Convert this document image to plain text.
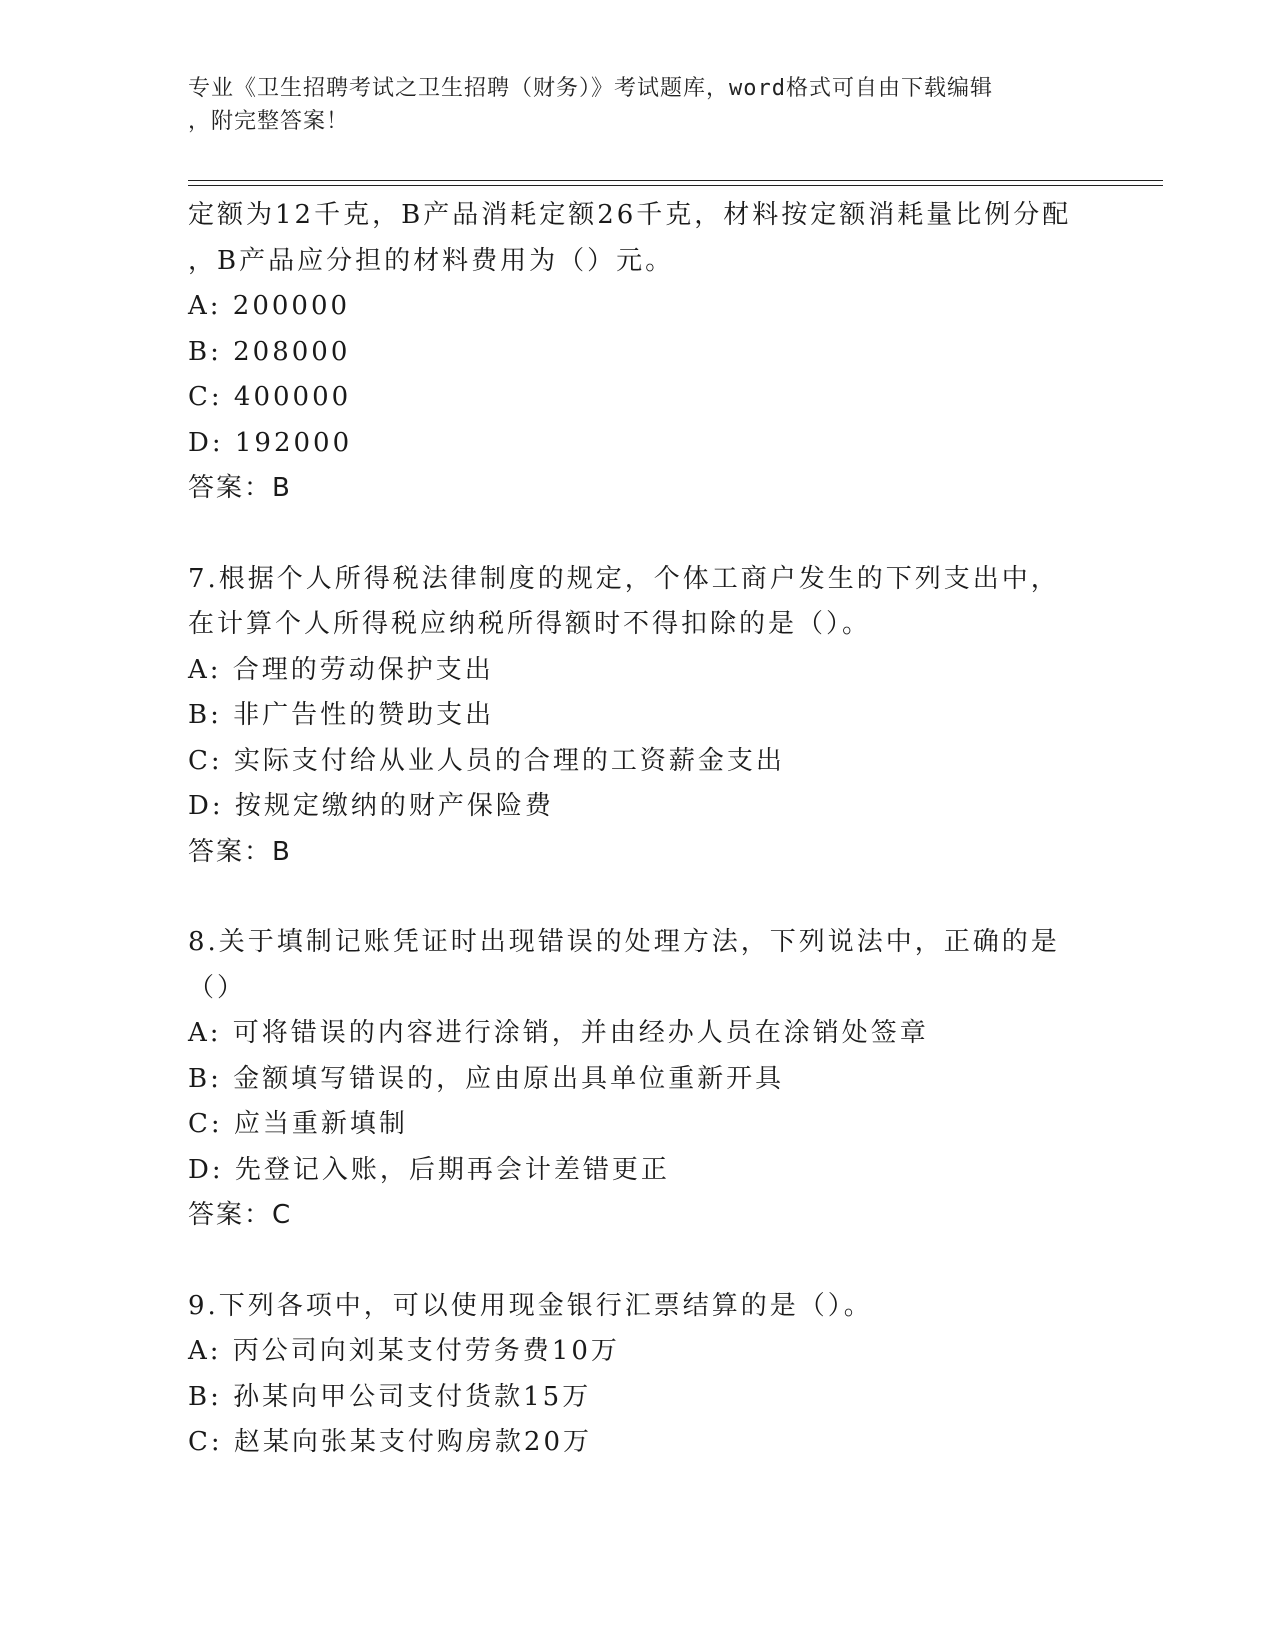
专业《卫生招聘考试之卫生招聘（财务）》考试题库，word格式可自由下载编辑
，附完整答案！
定额为12千克，B产品消耗定额26千克，材料按定额消耗量比例分配
，B产品应分担的材料费用为（）元。
A: 200000
B: 208000
C: 400000
D: 192000
答案：B
7.根据个人所得税法律制度的规定，个体工商户发生的下列支出中，
在计算个人所得税应纳税所得额时不得扣除的是（）。
A: 合理的劳动保护支出
B: 非广告性的赞助支出
C: 实际支付给从业人员的合理的工资薪金支出
D: 按规定缴纳的财产保险费
答案：B
8.关于填制记账凭证时出现错误的处理方法，下列说法中，正确的是
（）
A: 可将错误的内容进行涂销，并由经办人员在涂销处签章
B: 金额填写错误的，应由原出具单位重新开具
C: 应当重新填制
D: 先登记入账，后期再会计差错更正
答案：C
9.下列各项中，可以使用现金银行汇票结算的是（）。
A: 丙公司向刘某支付劳务费10万
B: 孙某向甲公司支付货款15万
C: 赵某向张某支付购房款20万
